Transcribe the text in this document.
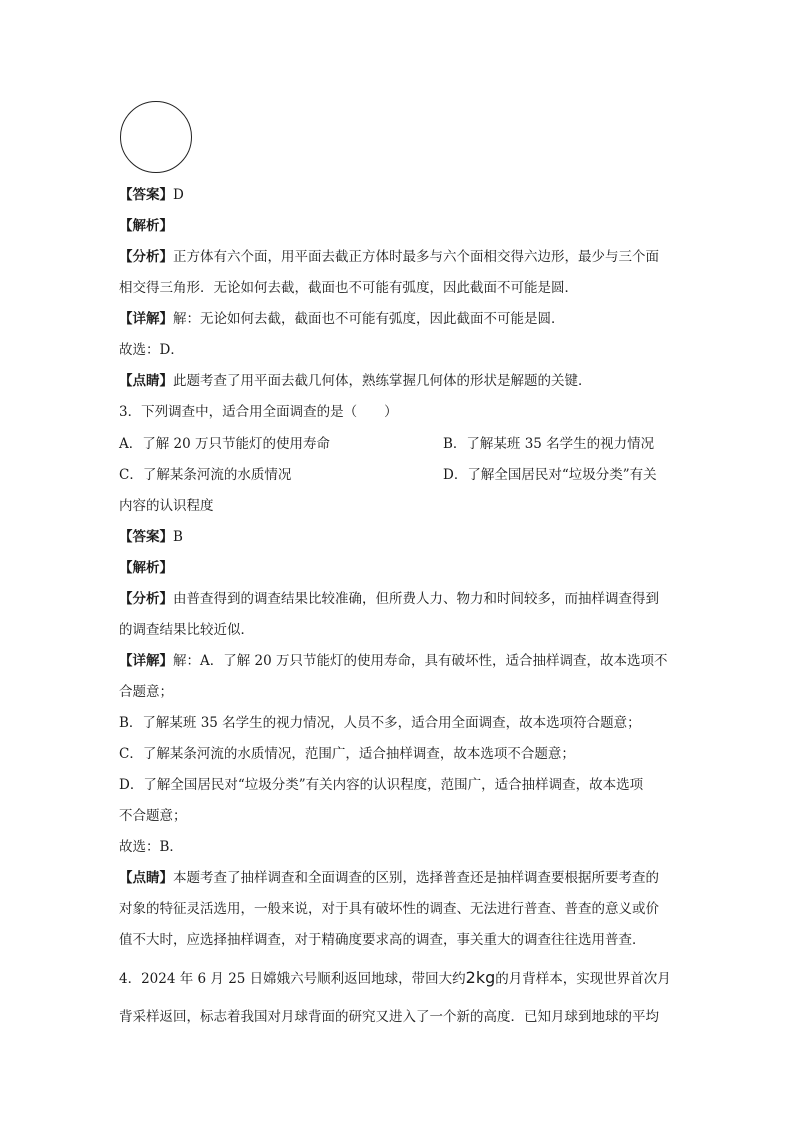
【答案】D
【解析】
【分析】正方体有六个面，用平面去截正方体时最多与六个面相交得六边形，最少与三个面
相交得三角形．无论如何去截，截面也不可能有弧度，因此截面不可能是圆．
【详解】解：无论如何去截，截面也不可能有弧度，因此截面不可能是圆．
故选：D．
【点睛】此题考查了用平面去截几何体，熟练掌握几何体的形状是解题的关键．
3．下列调查中，适合用全面调查的是（　　）
A．了解 20 万只节能灯的使用寿命	B．了解某班 35 名学生的视力情况
C．了解某条河流的水质情况	D．了解全国居民对“垃圾分类”有关
内容的认识程度
【答案】B
【解析】
【分析】由普查得到的调查结果比较准确，但所费人力、物力和时间较多，而抽样调查得到
的调查结果比较近似．
【详解】解：A．了解 20 万只节能灯的使用寿命，具有破坏性，适合抽样调查，故本选项不
合题意；
B．了解某班 35 名学生的视力情况，人员不多，适合用全面调查，故本选项符合题意；
C．了解某条河流的水质情况，范围广，适合抽样调查，故本选项不合题意；
D．了解全国居民对“垃圾分类”有关内容的认识程度，范围广，适合抽样调查，故本选项
不合题意；
故选：B．
【点睛】本题考查了抽样调查和全面调查的区别，选择普查还是抽样调查要根据所要考查的
对象的特征灵活选用，一般来说，对于具有破坏性的调查、无法进行普查、普查的意义或价
值不大时，应选择抽样调查，对于精确度要求高的调查，事关重大的调查往往选用普查．
4．2024 年 6 月 25 日嫦娥六号顺利返回地球，带回大约2kg的月背样本，实现世界首次月
背采样返回，标志着我国对月球背面的研究又进入了一个新的高度．已知月球到地球的平均
